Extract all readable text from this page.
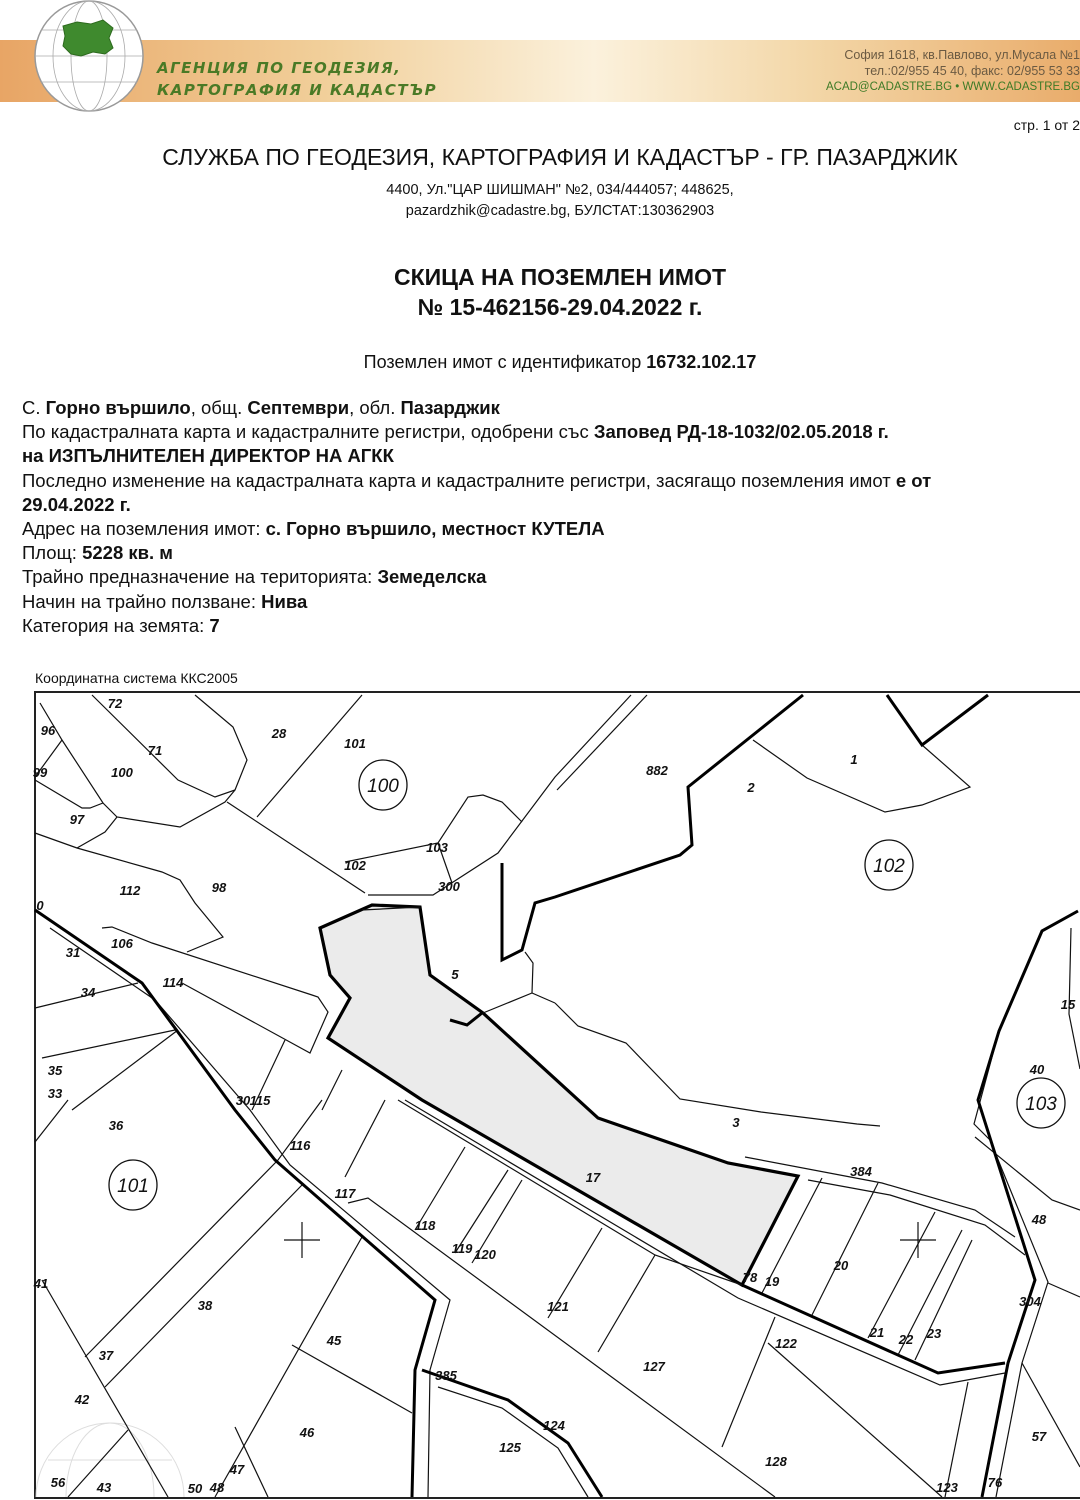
АГЕНЦИЯ ПО ГЕОДЕЗИЯ,
КАРТОГРАФИЯ И КАДАСТЪР
София 1618, кв.Павлово, ул.Мусала №1
тел.:02/955 45 40, факс: 02/955 53 33
ACAD@CADASTRE.BG • WWW.CADASTRE.BG
стр. 1 от 2
СЛУЖБА ПО ГЕОДЕЗИЯ, КАРТОГРАФИЯ И КАДАСТЪР - ГР. ПАЗАРДЖИК
4400, Ул."ЦАР ШИШМАН" №2, 034/444057; 448625,
pazardzhik@cadastre.bg, БУЛСТАТ:130362903
СКИЦА НА ПОЗЕМЛЕН ИМОТ
№ 15-462156-29.04.2022 г.
Поземлен имот с идентификатор 16732.102.17
С. Горно вършило, общ. Септември, обл. Пазарджик
По кадастралната карта и кадастралните регистри, одобрени със Заповед РД-18-1032/02.05.2018 г.
на ИЗПЪЛНИТЕЛЕН ДИРЕКТОР НА АГКК
Последно изменение на кадастралната карта и кадастралните регистри, засягащо поземления имот е от
29.04.2022 г.
Адрес на поземления имот: с. Горно вършило, местност КУТЕЛА
Площ: 5228 кв. м
Трайно предназначение на територията: Земеделска
Начин на трайно ползване: Нива
Категория на земята: 7
Координатна система ККС2005
72
96
71
100
28
101
99
97
882
2
1
102
103
300
112	98
0
106
31
5
34
114
15
35
33	30 115
40
36	3
116
17	384
117
48
118
119 120
20
78 19
41
38	304
121
21 22 23
122
45
37
127
385
42
124
46	57
125
128
47
56 43	50 48	123 76
100
102
103
101
